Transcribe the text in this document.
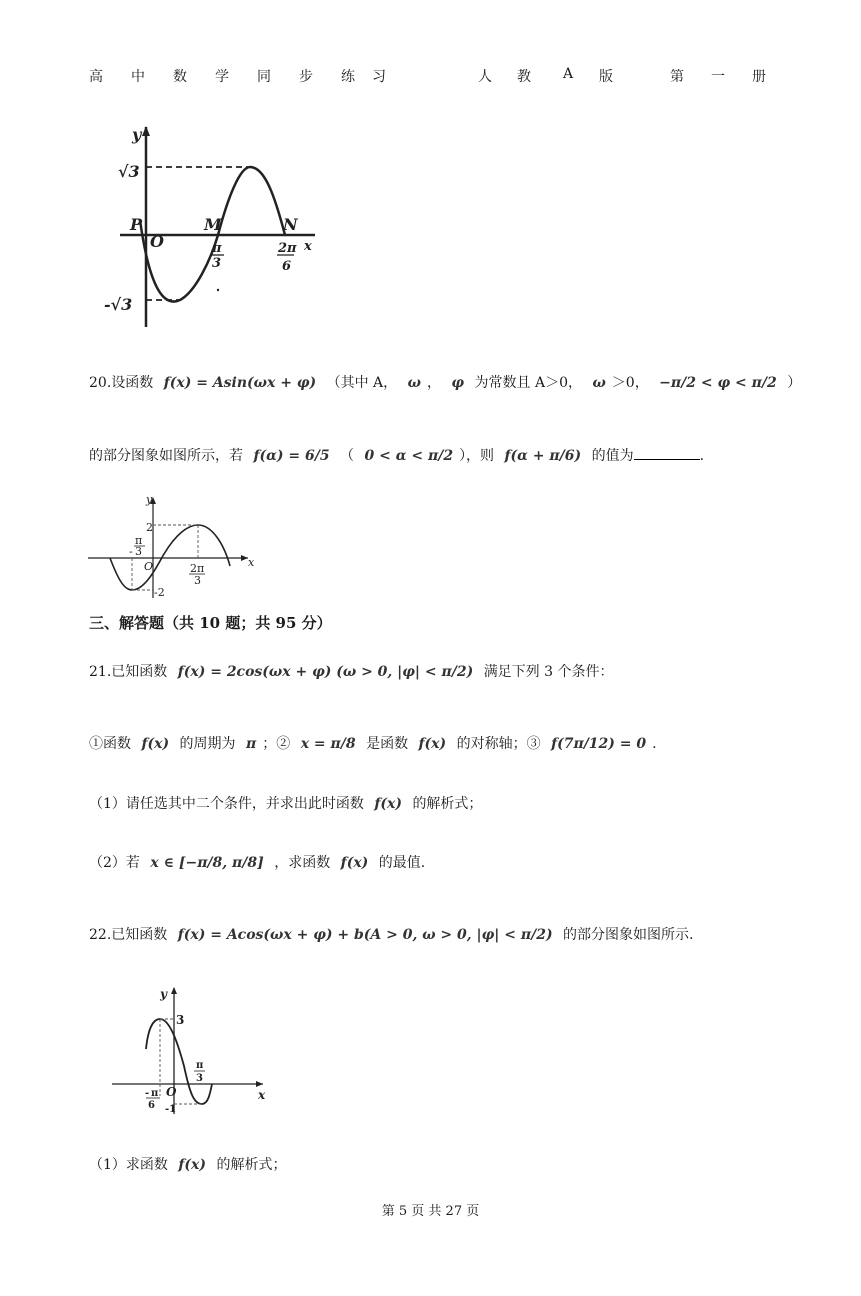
高 中 数 学 同 步 练 习	人 教 A 版	第 一 册
y
√3
-√3
P
O
M	N
x
π
3
2π
6
20.设函数 f(x) = Asin(ωx + φ) （其中 A， ω ， φ 为常数且 A＞0， ω ＞0， −π/2 < φ < π/2 ）
的部分图象如图所示，若 f(α) = 6/5 （ 0 < α < π/2 ），则 f(α + π/6) 的值为	.
y
x
2
-2
O
π
- 3
2π
3
三、解答题（共 10 题；共 95 分）
21.已知函数 f(x) = 2cos(ωx + φ) (ω > 0, |φ| < π/2) 满足下列 3 个条件：
①函数 f(x) 的周期为 π ；② x = π/8 是函数 f(x) 的对称轴；③ f(7π/12) = 0 .
（1）请任选其中二个条件，并求出此时函数 f(x) 的解析式；
（2）若 x ∈ [−π/8, π/8] ，求函数 f(x) 的最值.
22.已知函数 f(x) = Acos(ωx + φ) + b(A > 0, ω > 0, |φ| < π/2) 的部分图象如图所示.
y
x
3
O
-1
π
3
- π
6
（1）求函数 f(x) 的解析式；
第 5 页 共 27 页
